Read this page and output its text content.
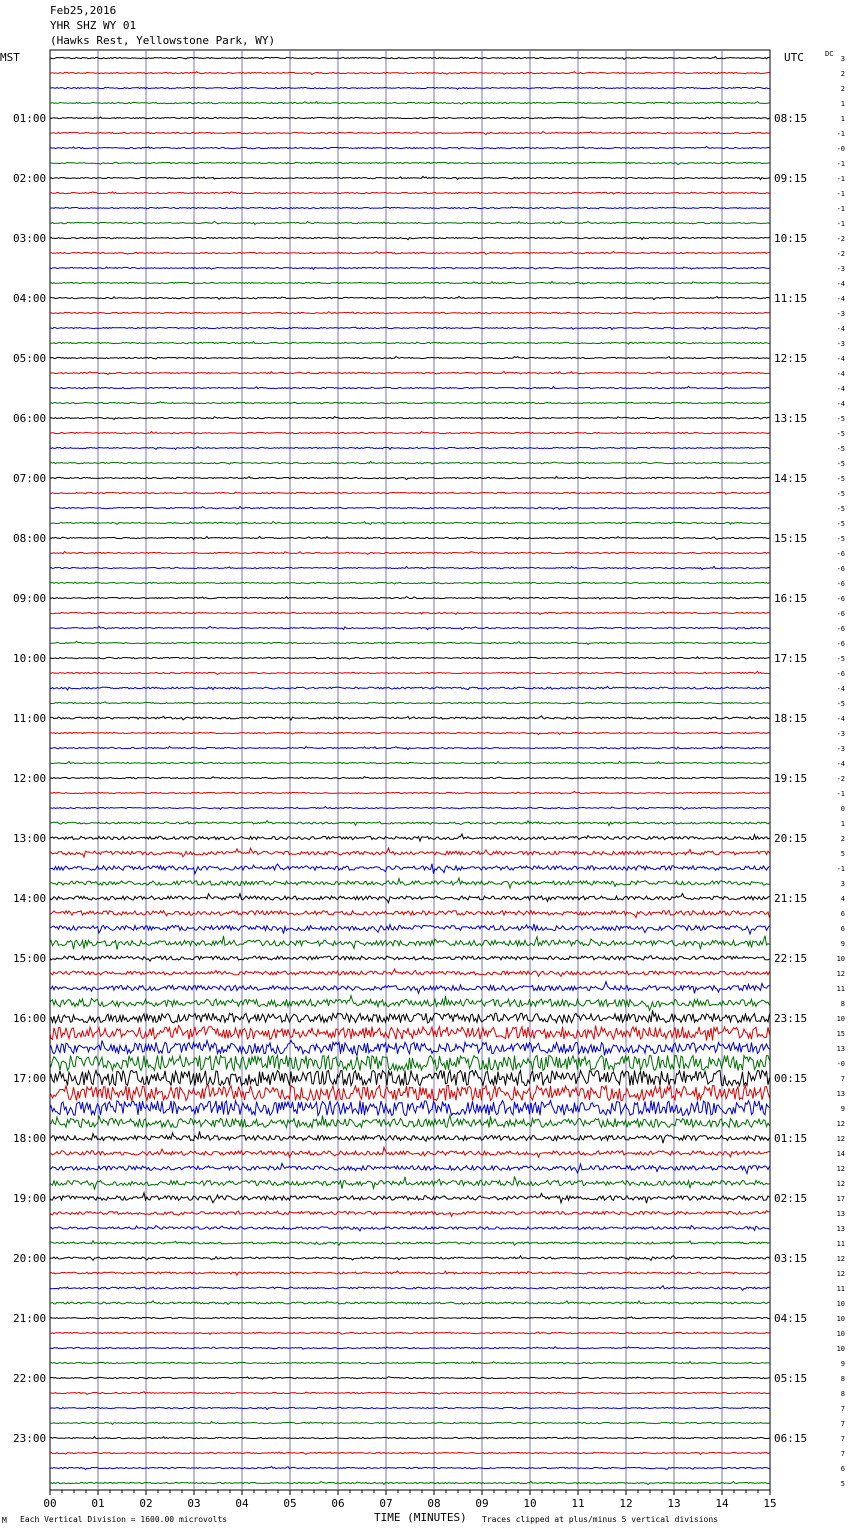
Feb25,2016
YHR SHZ WY 01
(Hawks Rest, Yellowstone Park, WY)
MST	UTC	DC
01:00
02:00
03:00
04:00
05:00
06:00
07:00
08:00
09:00
10:00
11:00
12:00
13:00
14:00
15:00
16:00
17:00
18:00
19:00
20:00
21:00
22:00
23:00
08:15
09:15
10:15
11:15
12:15
13:15
14:15
15:15
16:15
17:15
18:15
19:15
20:15
21:15
22:15
23:15
00:15
01:15
02:15
03:15
04:15
05:15
06:15
3
2
2
1
1
-1
-0
-1
-1
-1
-1
-1
-2
-2
-3
-4
-4
-3
-4
-3
-4
-4
-4
-4
-5
-5
-5
-5
-5
-5
-5
-5
-5
-6
-6
-6
-6
-6
-6
-6
-5
-6
-4
-5
-4
-3
-3
-4
-2
-1
0
1
2
5
-1
3
4
6
6
9
10
12
11
8
10
15
13
-0
7
13
9
12
12
14
12
12
17
13
13
11
12
12
11
10
10
10
10
9
8
8
7
7
7
7
6
5
00	01	02	03	04	05	06	07	08	09	10	11	12	13	14	15
M Each Vertical Division = 1600.00 microvolts	TIME (MINUTES) Traces clipped at plus/minus 5 vertical divisions
